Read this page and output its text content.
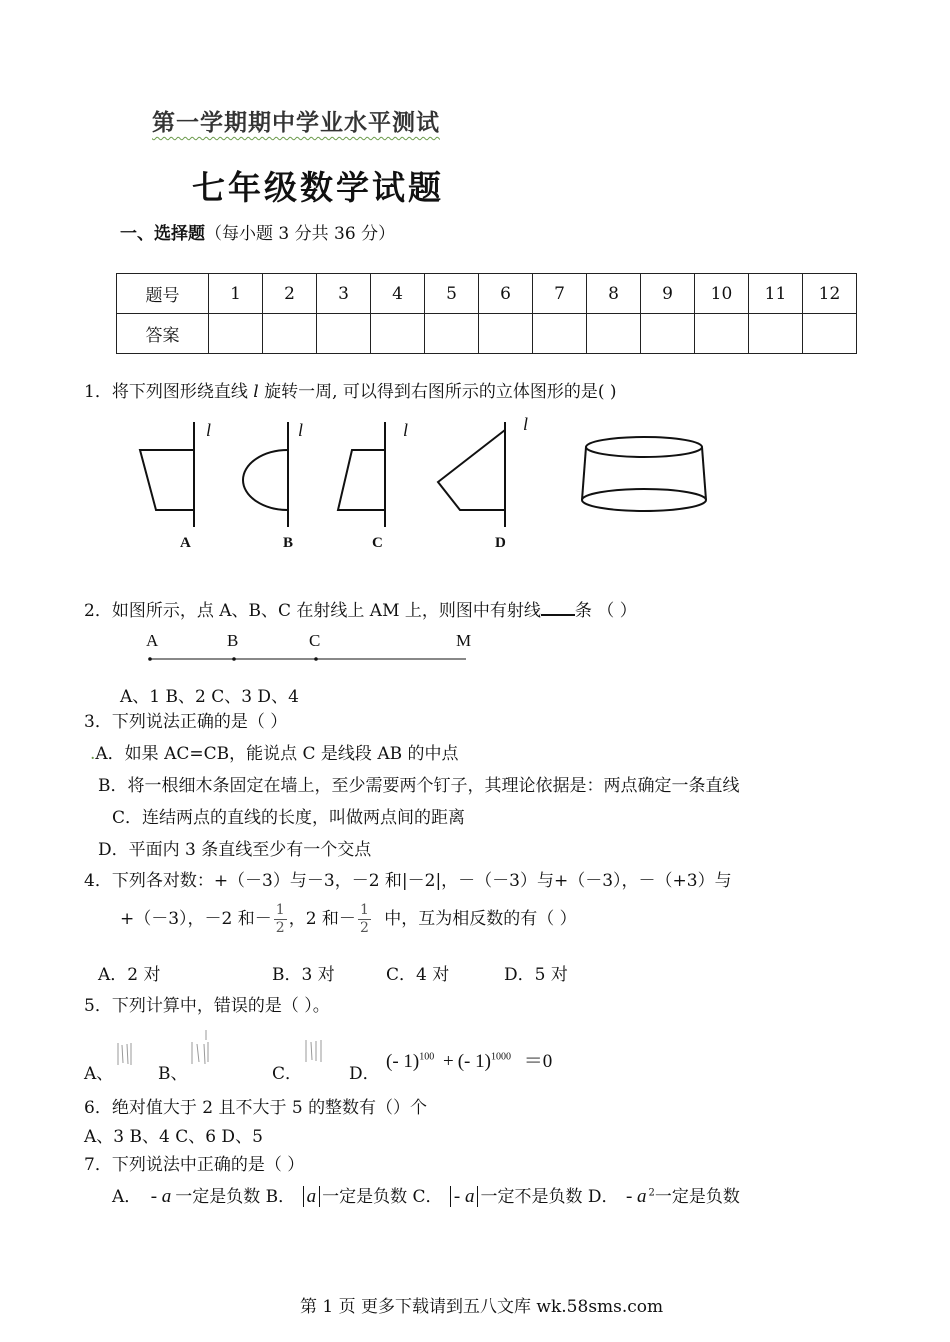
第一学期期中学业水平测试
七年级数学试题
一、选择题（每小题 3 分共 36 分）
题号	1	2	3	4	5	6	7	8	9	10	11	12
答案												
1．将下列图形绕直线 l 旋转一周, 可以得到右图所示的立体图形的是( )
l	l	l	l
A	B	C	D
2．如图所示，点 A、B、C 在射线上 AM 上，则图中有射线 条 （ ）
A	B	C	M
A、1 B、2 C、3 D、4
3．下列说法正确的是（ ）
.A．如果 AC=CB，能说点 C 是线段 AB 的中点
B．将一根细木条固定在墙上，至少需要两个钉子，其理论依据是：两点确定一条直线
C．连结两点的直线的长度，叫做两点间的距离
D．平面内 3 条直线至少有一个交点
4．下列各对数：+（－3）与－3，－2 和|－2|，－（－3）与+（－3），－（+3）与
+（－3），－2 和－ $\frac{1}{2}$ ，2 和－ $\frac{1}{2}$ 中，互为相反数的有（ ）
A．2 对	B．3 对	C．4 对	D．5 对
5．下列计算中，错误的是（ ）。
A、	B、	C．	D．
(- 1)$^{100}$ + (- 1)$^{1000}$ ＝0
6．绝对值大于 2 且不大于 5 的整数有（）个
A、3 B、4 C、6 D、5
7．下列说法中正确的是（ ）
A． - a 一定是负数 B． a 一定是负数 C． - a 一定不是负数 D． - a $^2$一定是负数
第 1 页 更多下载请到五八文库 wk.58sms.com
